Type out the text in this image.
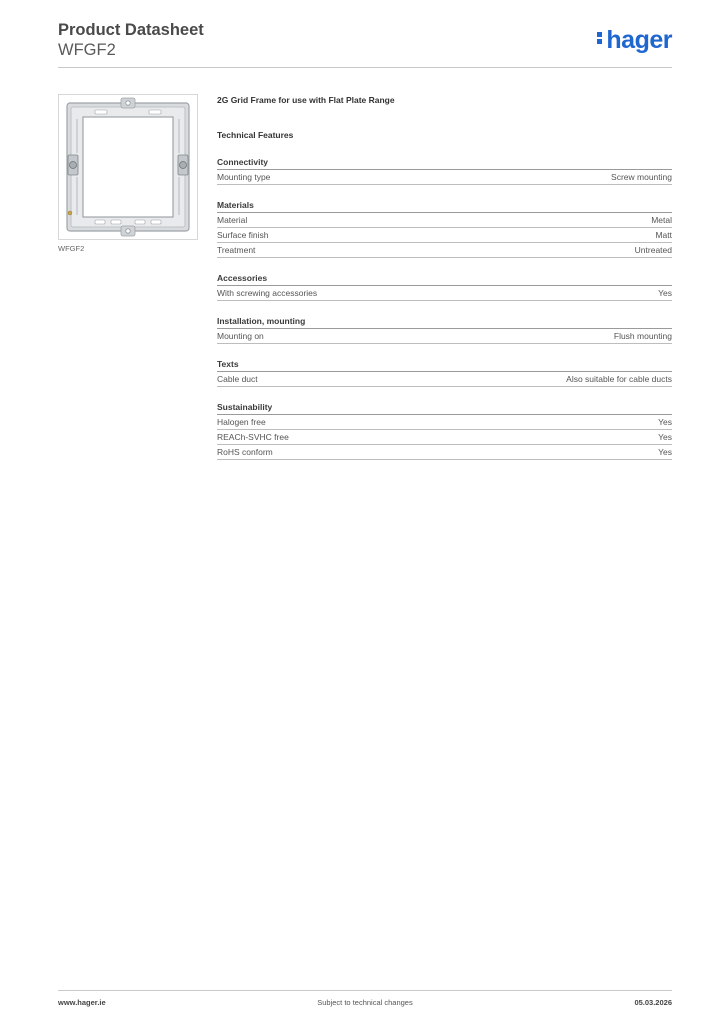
Product Datasheet
WFGF2	hager
WFGF2
2G Grid Frame for use with Flat Plate Range
Technical Features
Connectivity
Mounting type	Screw mounting
Materials
Material	Metal
Surface finish	Matt
Treatment	Untreated
Accessories
With screwing accessories	Yes
Installation, mounting
Mounting on	Flush mounting
Texts
Cable duct	Also suitable for cable ducts
Sustainability
Halogen free	Yes
REACh-SVHC free	Yes
RoHS conform	Yes
www.hager.ie	Subject to technical changes	05.03.2026
